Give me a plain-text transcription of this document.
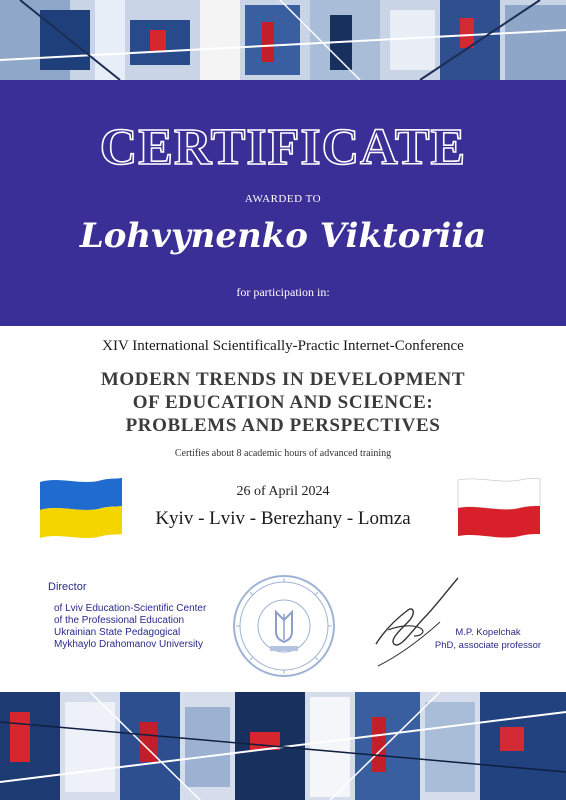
CERTIFICATE
AWARDED TO
Lohvynenko Viktoriia
for participation in:
XIV International Scientifically-Practic Internet-Conference
MODERN TRENDS IN DEVELOPMENT
OF EDUCATION AND SCIENCE:
PROBLEMS AND PERSPECTIVES
Certifies about 8 academic hours of advanced training
26 of April 2024
Kyiv - Lviv - Berezhany - Lomza
Director
of Lviv Education-Scientific Center
of the Professional Education
Ukrainian State Pedagogical
Mykhaylo Drahomanov University
M.P. Kopelchak
PhD, associate professor
